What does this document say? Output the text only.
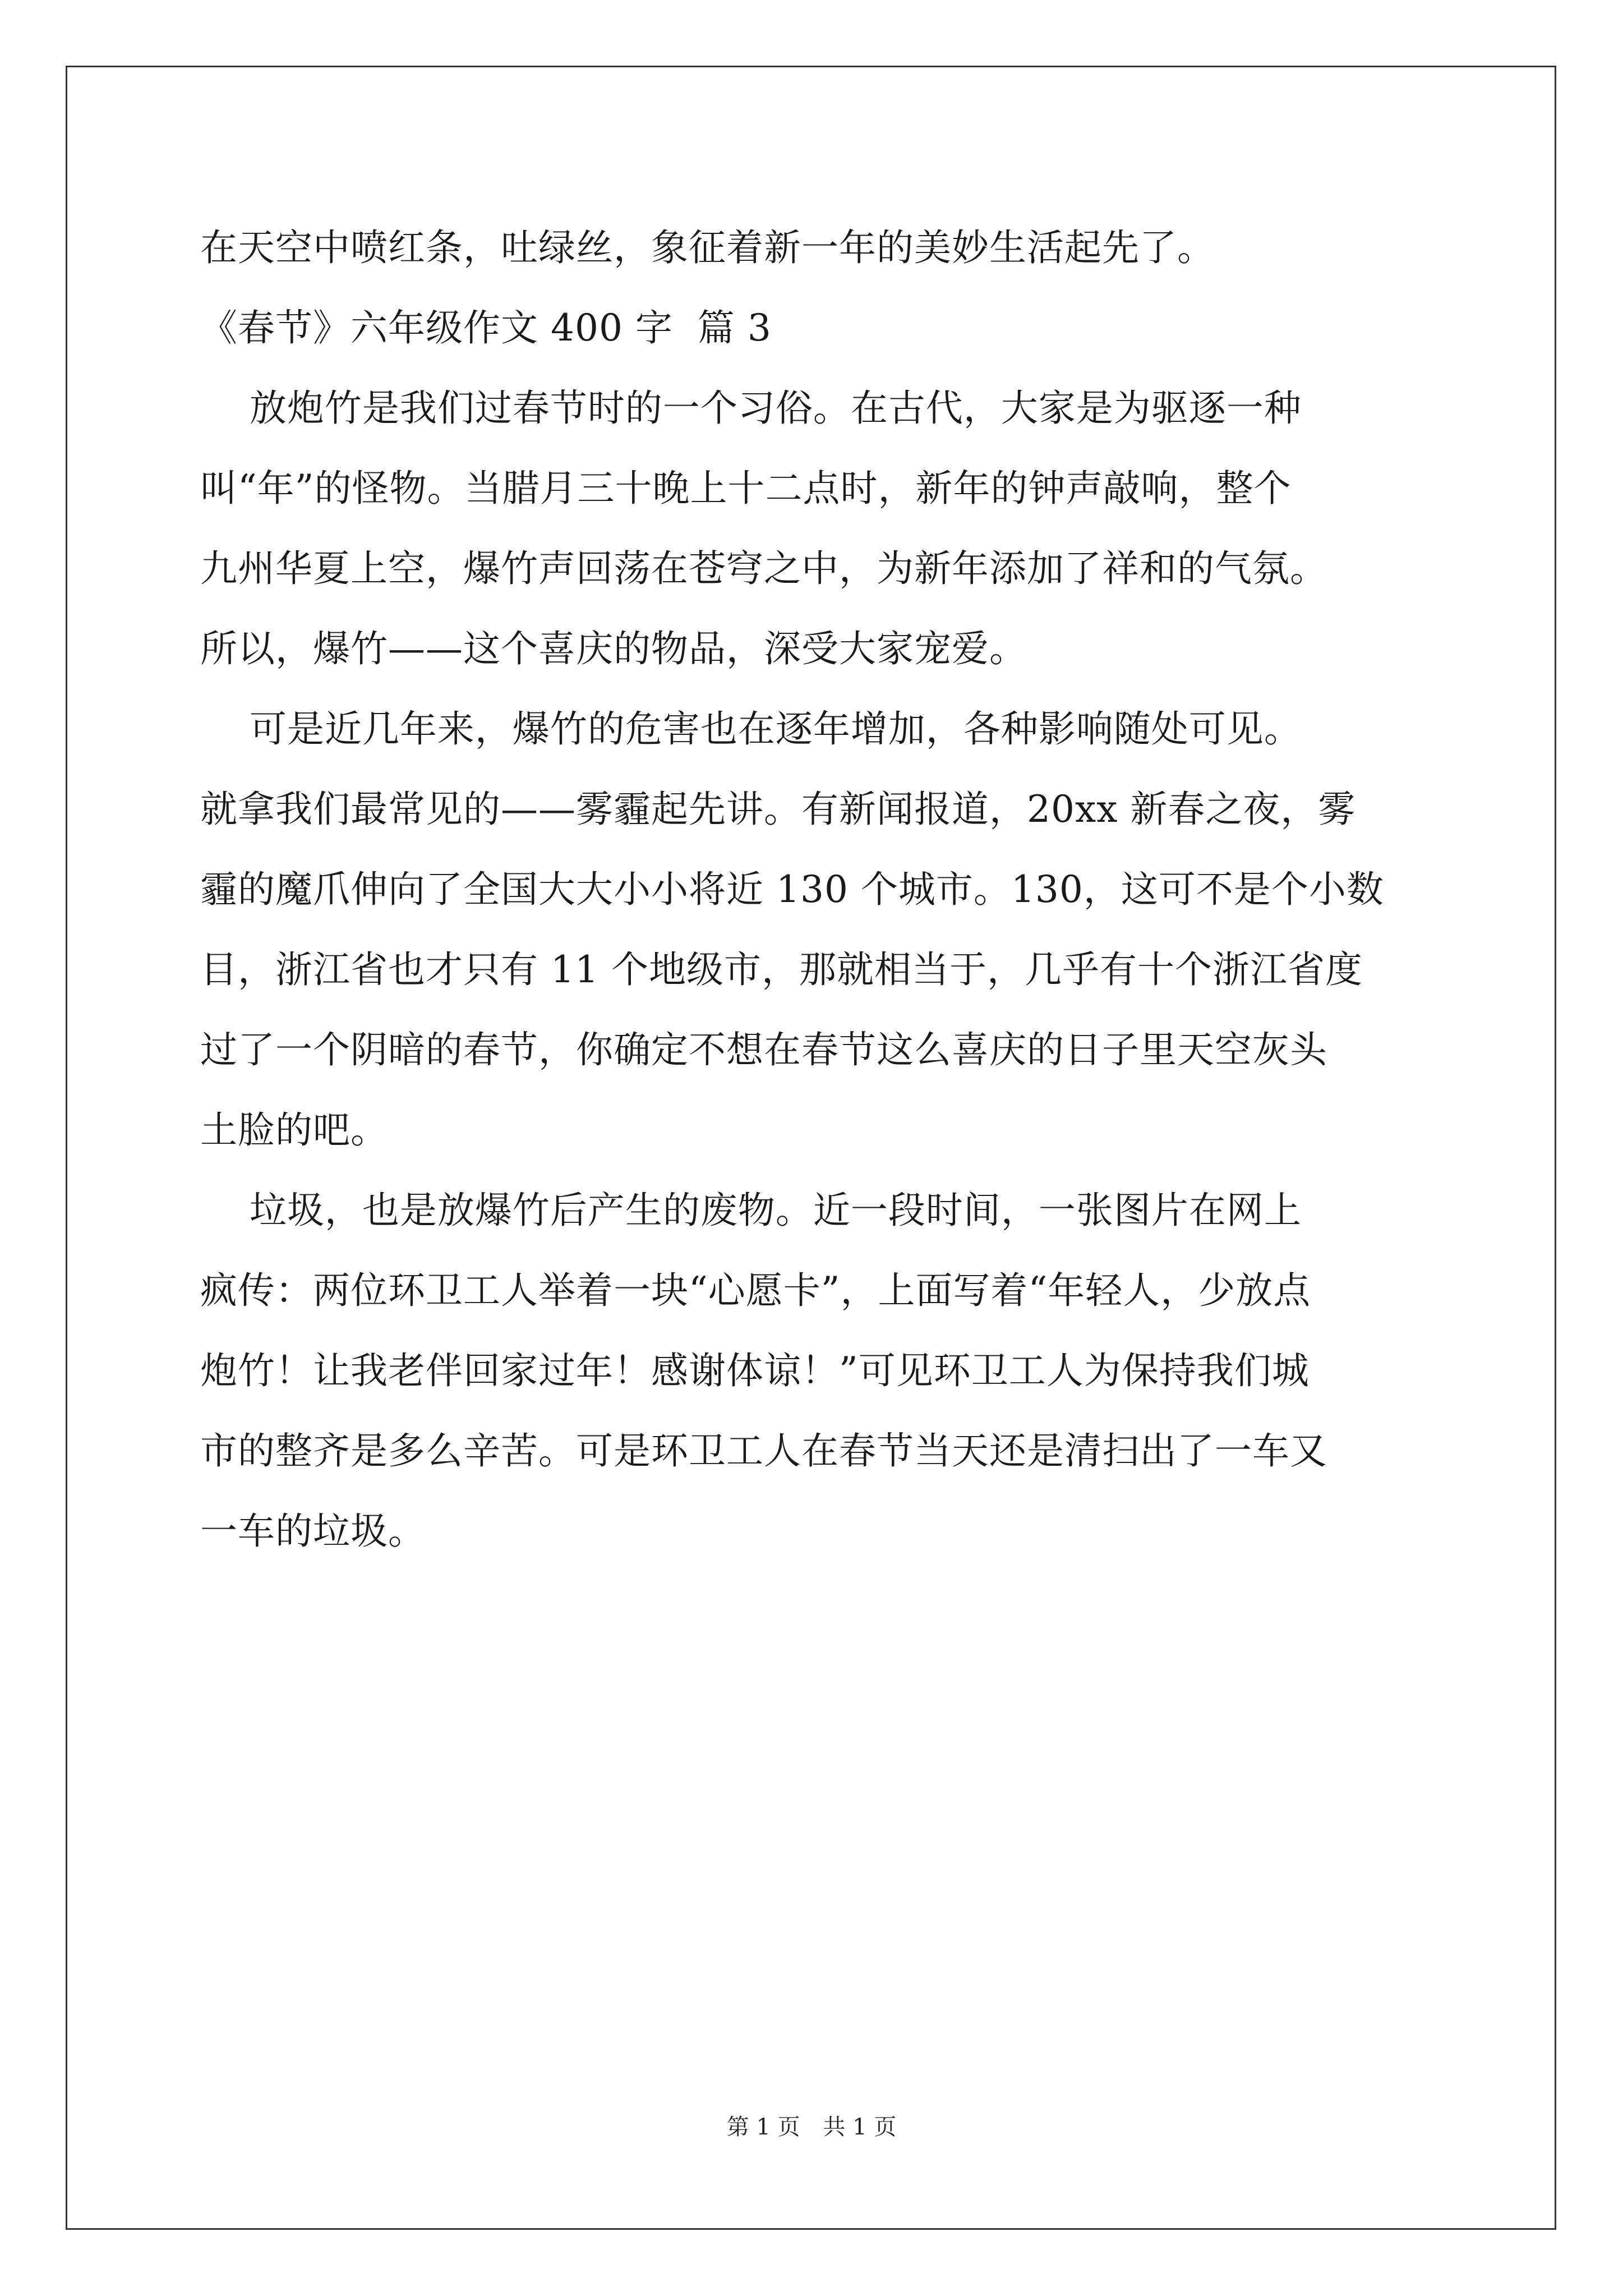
在天空中喷红条，吐绿丝，象征着新一年的美妙生活起先了。
《春节》六年级作文 400 字  篇 3
放炮竹是我们过春节时的一个习俗。在古代，大家是为驱逐一种
叫“年”的怪物。当腊月三十晚上十二点时，新年的钟声敲响，整个
九州华夏上空，爆竹声回荡在苍穹之中，为新年添加了祥和的气氛。
所以，爆竹——这个喜庆的物品，深受大家宠爱。
可是近几年来，爆竹的危害也在逐年增加，各种影响随处可见。
就拿我们最常见的——雾霾起先讲。有新闻报道，20xx 新春之夜，雾
霾的魔爪伸向了全国大大小小将近 130 个城市。130，这可不是个小数
目，浙江省也才只有 11 个地级市，那就相当于，几乎有十个浙江省度
过了一个阴暗的春节，你确定不想在春节这么喜庆的日子里天空灰头
土脸的吧。
垃圾，也是放爆竹后产生的废物。近一段时间，一张图片在网上
疯传：两位环卫工人举着一块“心愿卡”，上面写着“年轻人，少放点
炮竹！让我老伴回家过年！感谢体谅！”可见环卫工人为保持我们城
市的整齐是多么辛苦。可是环卫工人在春节当天还是清扫出了一车又
一车的垃圾。
第 1 页 共 1 页
